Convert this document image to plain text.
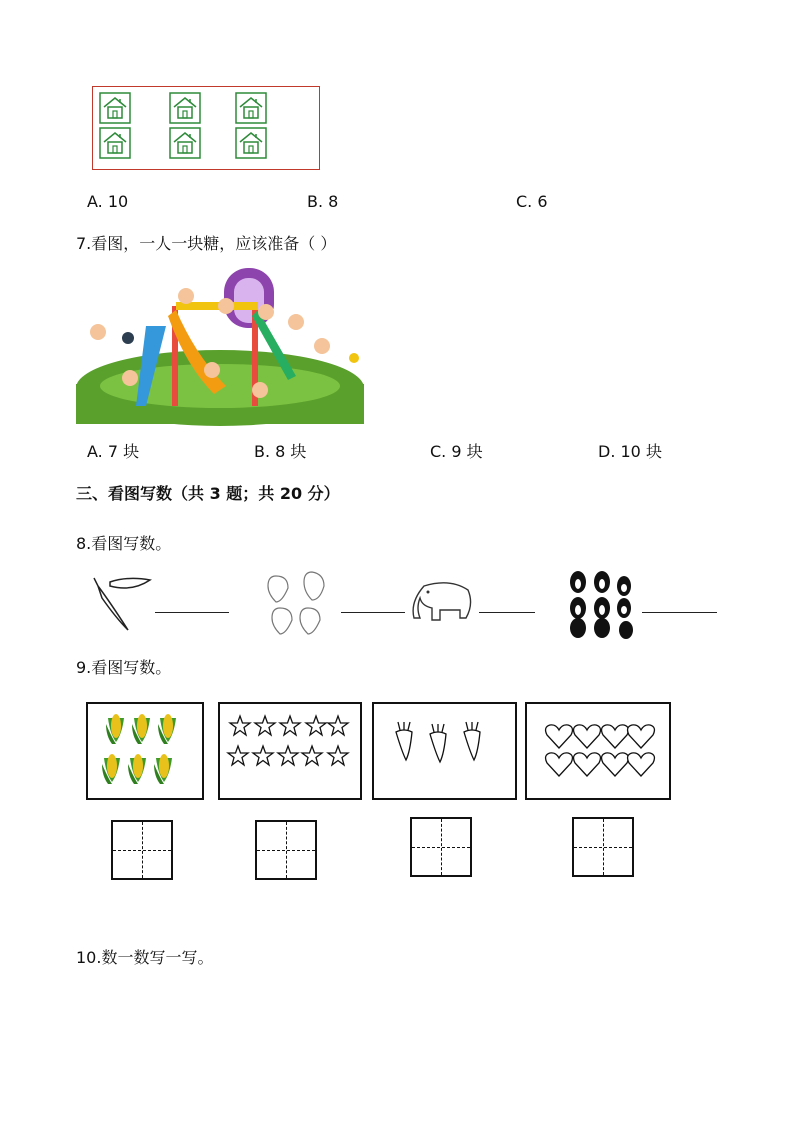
A. 10	B. 8	C. 6
7.看图，一人一块糖，应该准备（ ）
A. 7 块	B. 8 块	C. 9 块	D. 10 块
三、看图写数（共 3 题；共 20 分）
8.看图写数。
9.看图写数。
10.数一数写一写。
